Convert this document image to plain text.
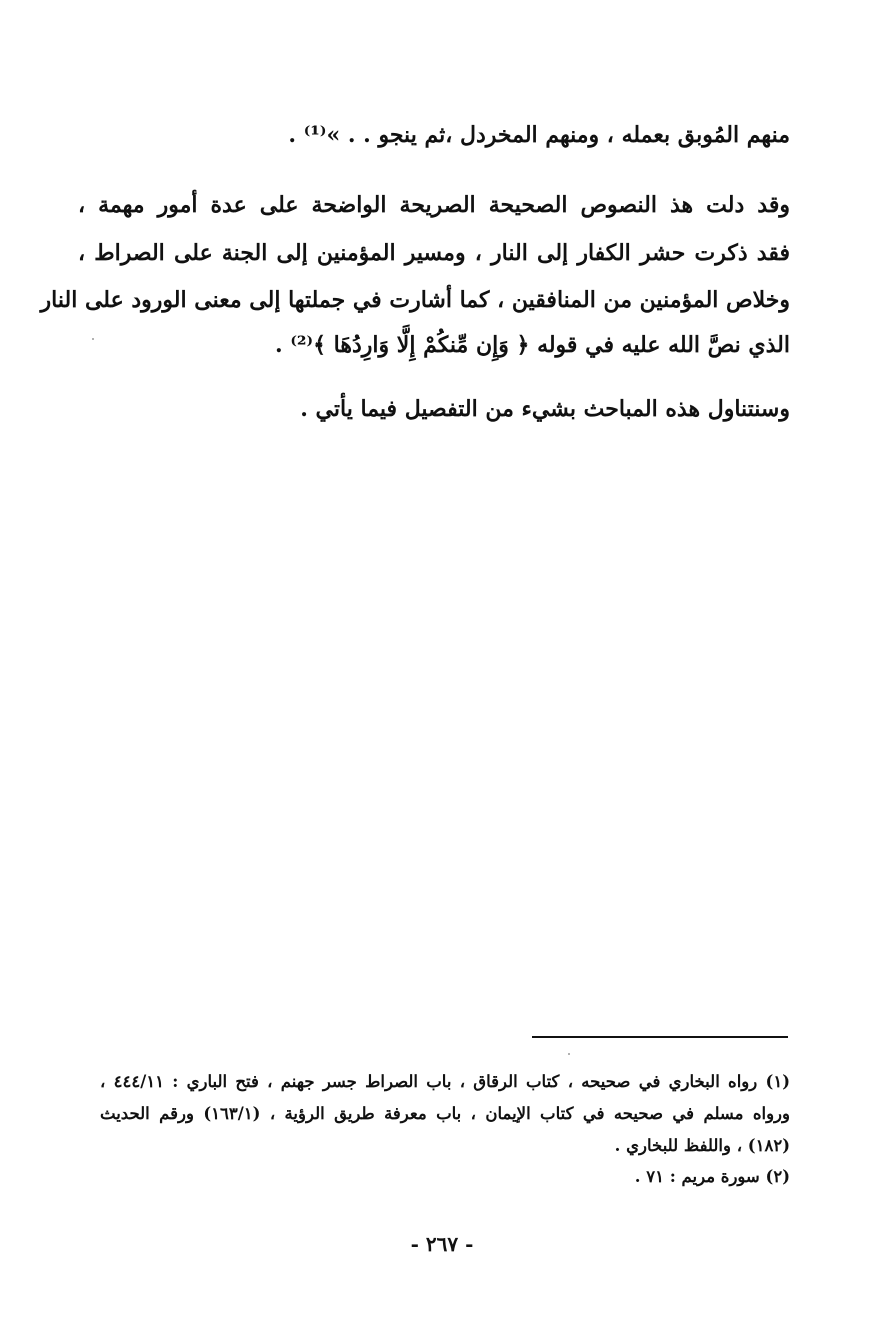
منهم المُوبق بعمله ، ومنهم المخردل ،ثم ينجو . . »⁽¹⁾ .
وقد دلت هذ النصوص الصحيحة الصريحة الواضحة على عدة أمور مهمة ،
فقد ذكرت حشر الكفار إلى النار ، ومسير المؤمنين إلى الجنة على الصراط ،
وخلاص المؤمنين من المنافقين ، كما أشارت في جملتها إلى معنى الورود على النار
الذي نصَّ الله عليه في قوله ﴿ وَإِن مِّنكُمْ إِلَّا وَارِدُهَا ﴾⁽²⁾ .
وسنتناول هذه المباحث بشيء من التفصيل فيما يأتي .
(١) رواه البخاري في صحيحه ، كتاب الرقاق ، باب الصراط جسر جهنم ، فتح الباري : ٤٤٤/١١ ،
ورواه مسلم في صحيحه في كتاب الإيمان ، باب معرفة طريق الرؤية ، (١٦٣/١) ورقم الحديث
(١٨٢) ، واللفظ للبخاري .
(٢) سورة مريم : ٧١ .
- ٢٦٧ -
